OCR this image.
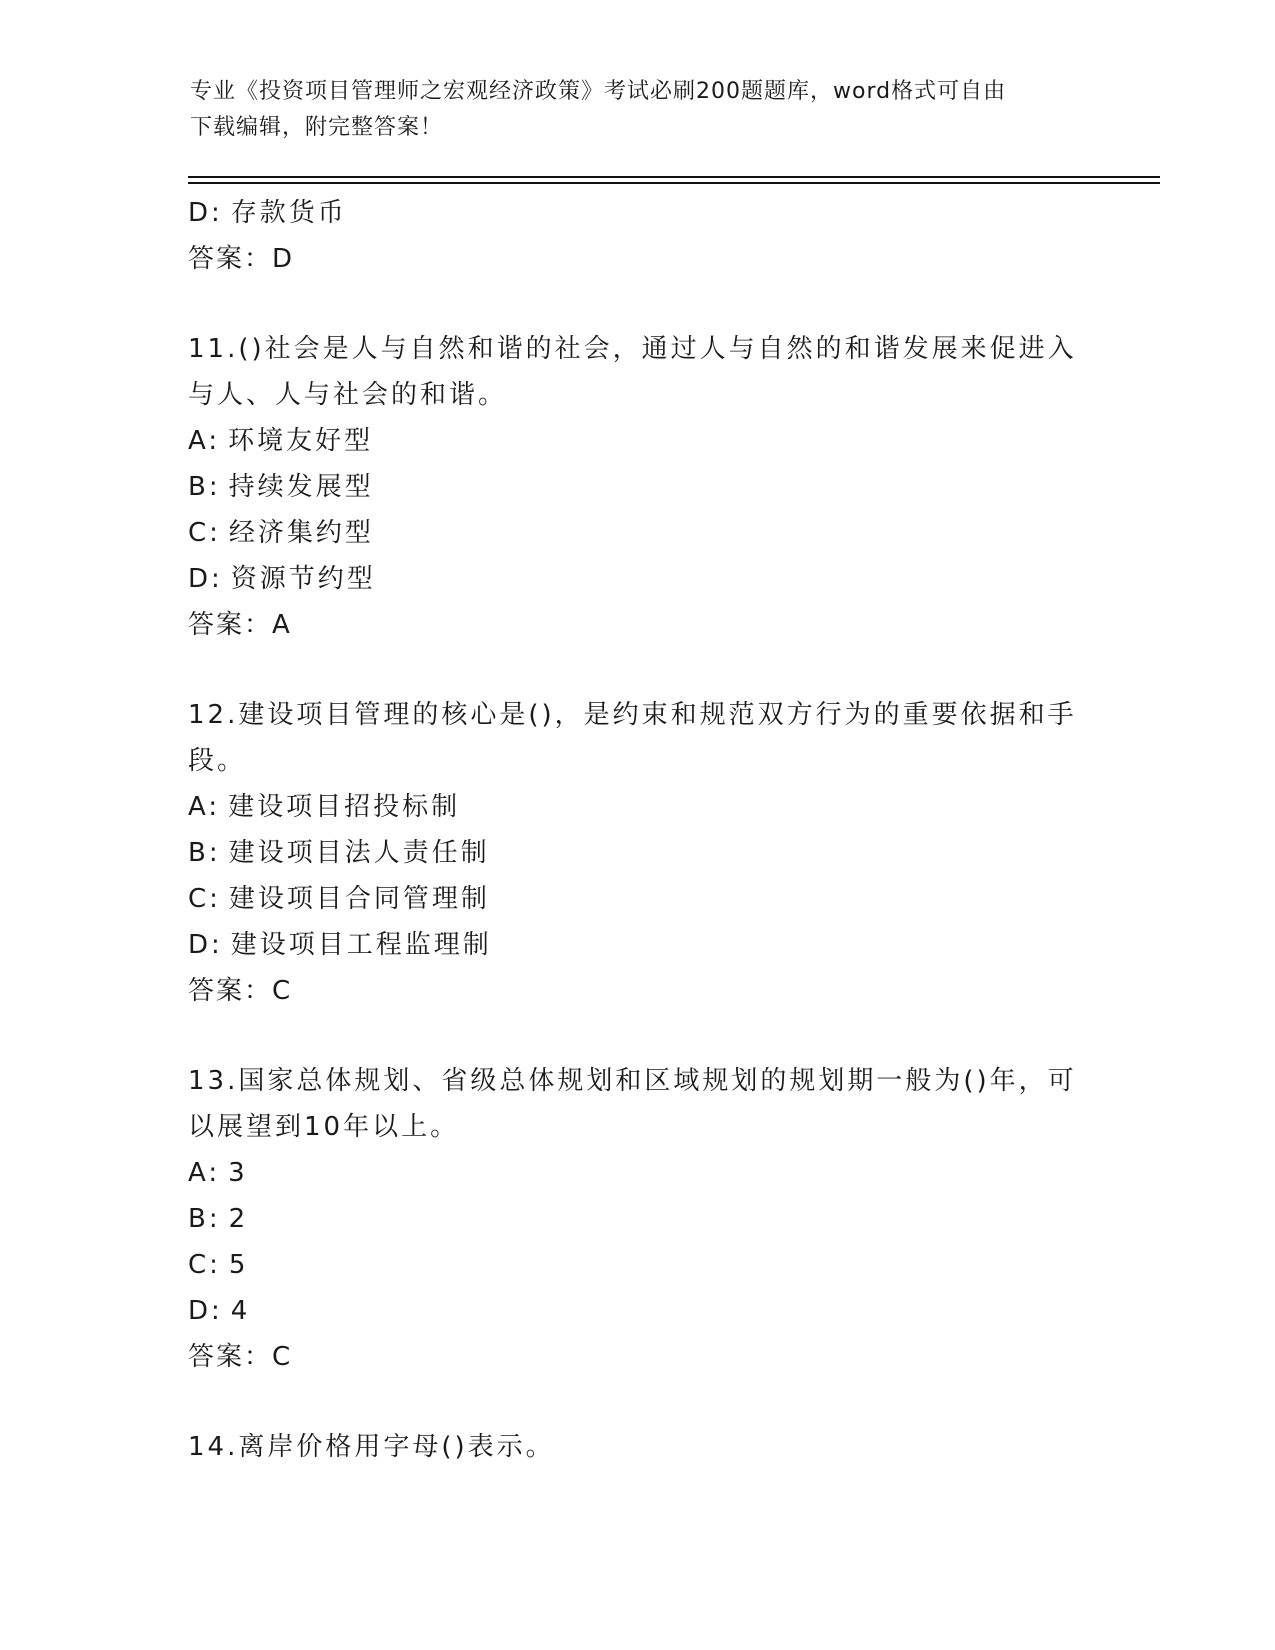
专业《投资项目管理师之宏观经济政策》考试必刷200题题库，word格式可自由
下载编辑，附完整答案！
D: 存款货币
答案：D
11.()社会是人与自然和谐的社会，通过人与自然的和谐发展来促进入
与人、人与社会的和谐。
A: 环境友好型
B: 持续发展型
C: 经济集约型
D: 资源节约型
答案：A
12.建设项目管理的核心是()，是约束和规范双方行为的重要依据和手
段。
A: 建设项目招投标制
B: 建设项目法人责任制
C: 建设项目合同管理制
D: 建设项目工程监理制
答案：C
13.国家总体规划、省级总体规划和区域规划的规划期一般为()年，可
以展望到10年以上。
A: 3
B: 2
C: 5
D: 4
答案：C
14.离岸价格用字母()表示。
